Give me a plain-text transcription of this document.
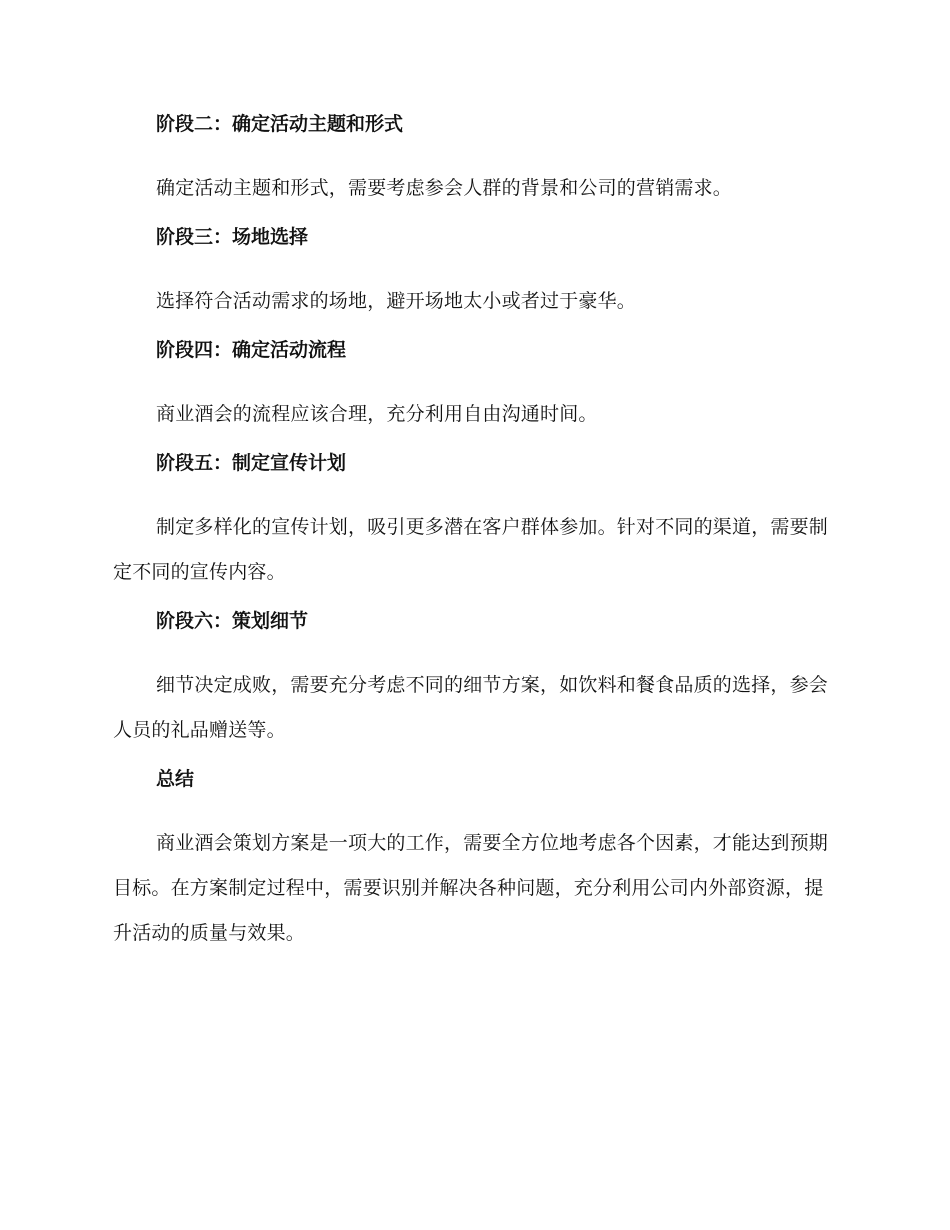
阶段二：确定活动主题和形式

确定活动主题和形式，需要考虑参会人群的背景和公司的营销需求。

阶段三：场地选择

选择符合活动需求的场地，避开场地太小或者过于豪华。

阶段四：确定活动流程

商业酒会的流程应该合理，充分利用自由沟通时间。

阶段五：制定宣传计划

制定多样化的宣传计划，吸引更多潜在客户群体参加。针对不同的渠道，需要制定不同的宣传内容。

阶段六：策划细节

细节决定成败，需要充分考虑不同的细节方案，如饮料和餐食品质的选择，参会人员的礼品赠送等。

总结

商业酒会策划方案是一项大的工作，需要全方位地考虑各个因素，才能达到预期目标。在方案制定过程中，需要识别并解决各种问题，充分利用公司内外部资源，提升活动的质量与效果。
